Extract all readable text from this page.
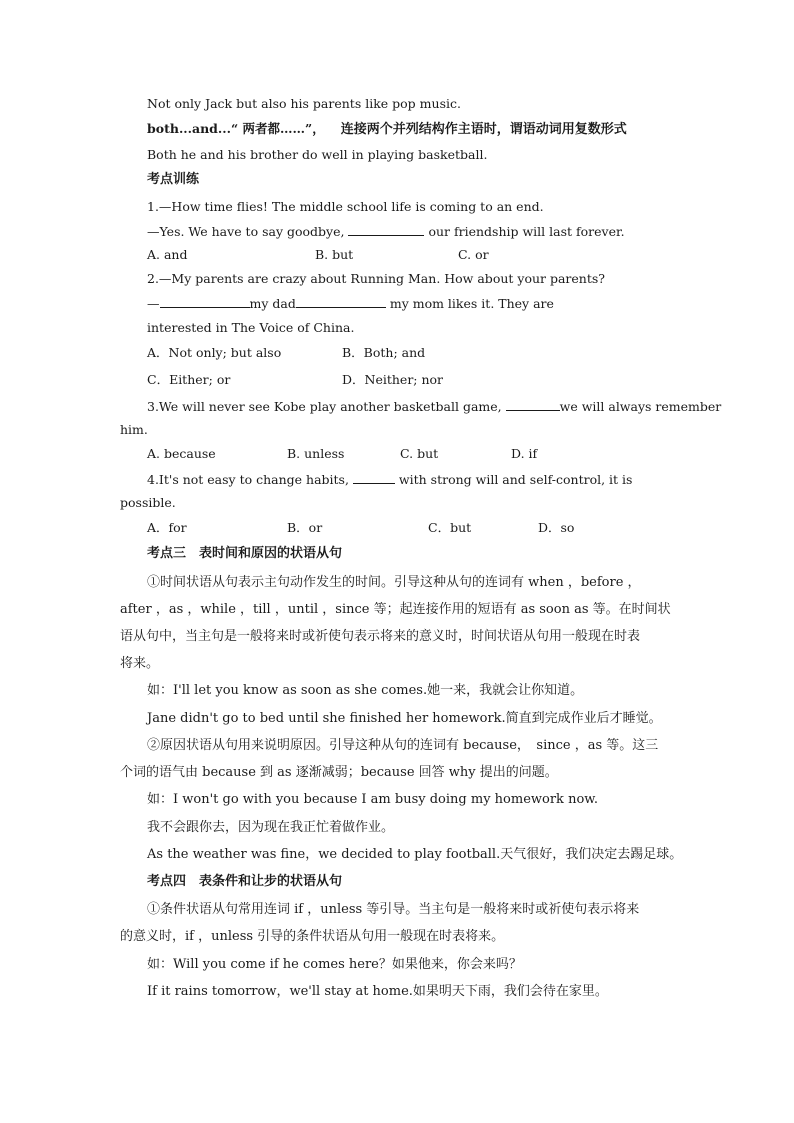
Not only Jack but also his parents like pop music.
both...and...“ 两者都……”， 连接两个并列结构作主语时，谓语动词用复数形式
Both he and his brother do well in playing basketball.
考点训练
1.—How time flies! The middle school life is coming to an end.
—Yes. We have to say goodbye,	our friendship will last forever.
A. and	B. but	C. or
2.—My parents are crazy about Running Man. How about your parents?
—	my dad	my mom likes it. They are
interested in The Voice of China.
A．Not only; but also	B．Both; and
C．Either; or	D．Neither; nor
3.We will never see Kobe play another basketball game,	we will always remember
him.
A. because	B. unless	C. but	D. if
4.It's not easy to change habits,	with strong will and self-control, it is
possible.
A．for	B．or	C．but	D．so
考点三　表时间和原因的状语从句
①时间状语从句表示主句动作发生的时间。引导这种从句的连词有 when ，before ，
after ，as ，while ，till ，until ，since 等；起连接作用的短语有 as soon as 等。在时间状
语从句中，当主句是一般将来时或祈使句表示将来的意义时，时间状语从句用一般现在时表
将来。
如：I'll let you know as soon as she comes.她一来，我就会让你知道。
Jane didn't go to bed until she finished her homework.简直到完成作业后才睡觉。
②原因状语从句用来说明原因。引导这种从句的连词有 because，　since ，as 等。这三
个词的语气由 because 到 as 逐渐减弱；because 回答 why 提出的问题。
如：I won't go with you because I am busy doing my homework now.
我不会跟你去，因为现在我正忙着做作业。
As the weather was fine，we decided to play football.天气很好，我们决定去踢足球。
考点四　表条件和让步的状语从句
①条件状语从句常用连词 if ，unless 等引导。当主句是一般将来时或祈使句表示将来
的意义时，if ，unless 引导的条件状语从句用一般现在时表将来。
如：Will you come if he comes here？如果他来，你会来吗？
If it rains tomorrow，we'll stay at home.如果明天下雨，我们会待在家里。
